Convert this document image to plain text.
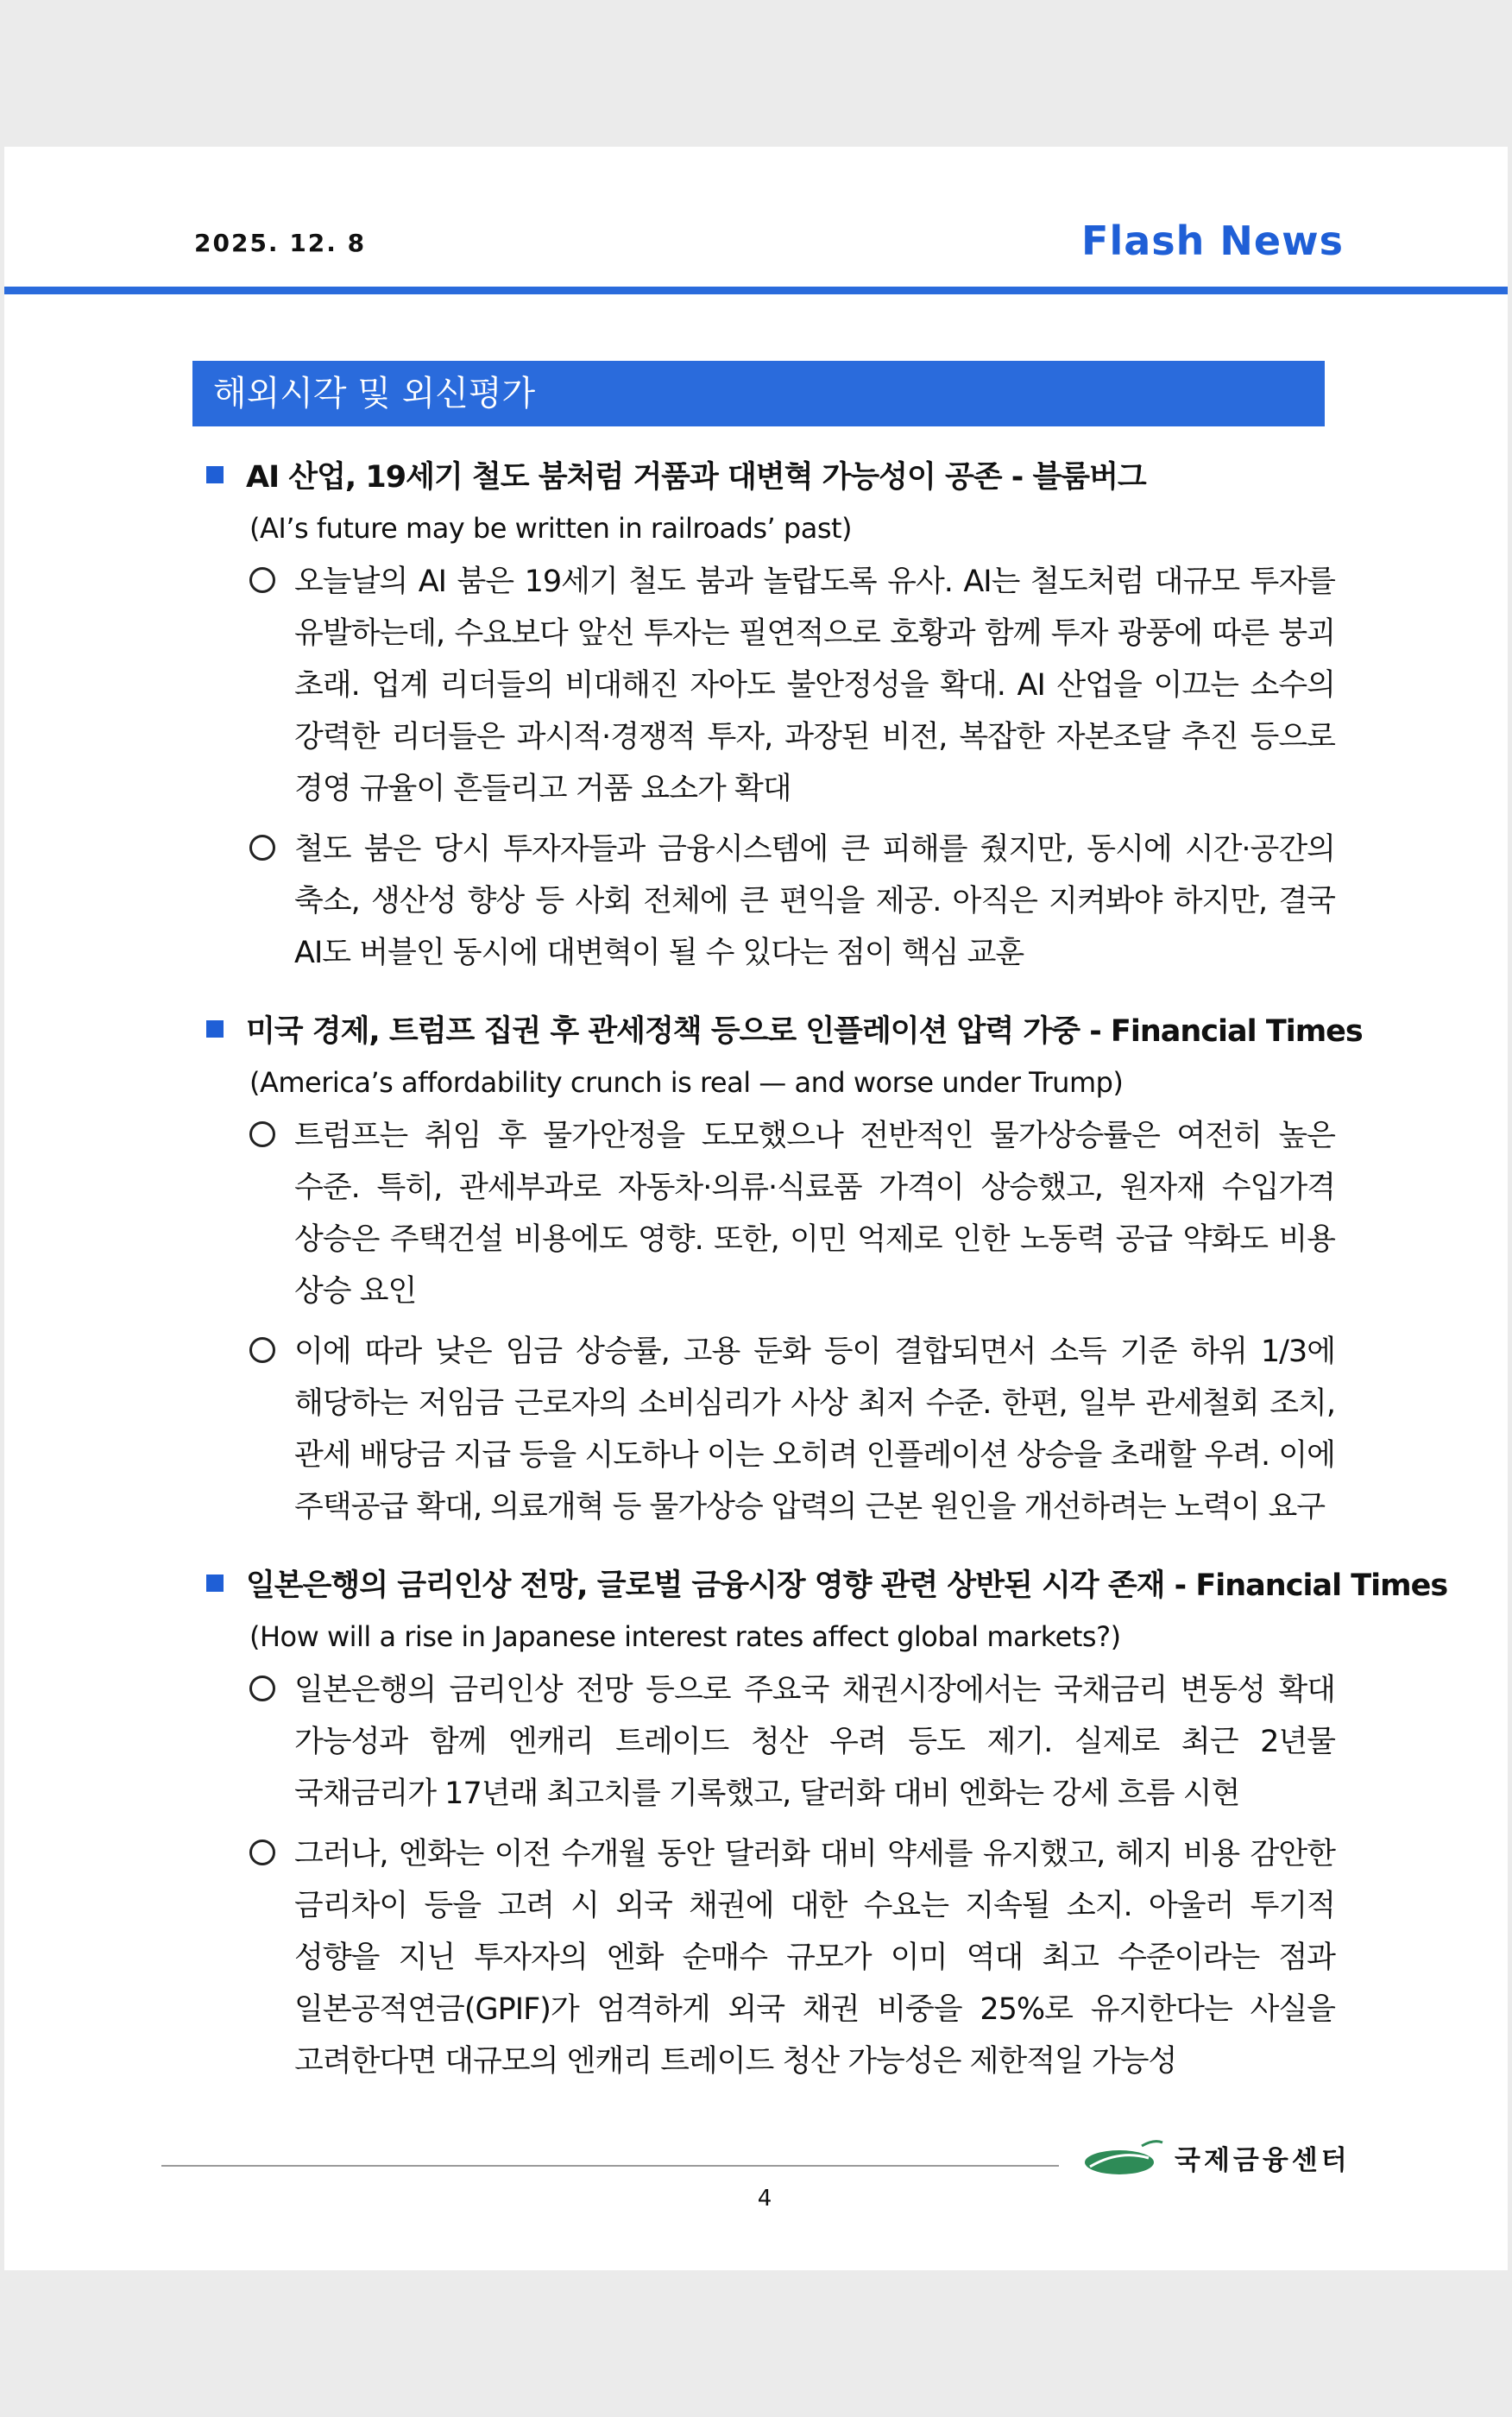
2025. 12. 8	Flash News
해외시각 및 외신평가
AI 산업, 19세기 철도 붐처럼 거품과 대변혁 가능성이 공존 - 블룸버그
(AI’s future may be written in railroads’ past)
오늘날의 AI 붐은 19세기 철도 붐과 놀랍도록 유사. AI는 철도처럼 대규모 투자를 유발하는데, 수요보다 앞선 투자는 필연적으로 호황과 함께 투자 광풍에 따른 붕괴 초래. 업계 리더들의 비대해진 자아도 불안정성을 확대. AI 산업을 이끄는 소수의 강력한 리더들은 과시적·경쟁적 투자, 과장된 비전, 복잡한 자본조달 추진 등으로 경영 규율이 흔들리고 거품 요소가 확대
철도 붐은 당시 투자자들과 금융시스템에 큰 피해를 줬지만, 동시에 시간·공간의 축소, 생산성 향상 등 사회 전체에 큰 편익을 제공. 아직은 지켜봐야 하지만, 결국 AI도 버블인 동시에 대변혁이 될 수 있다는 점이 핵심 교훈
미국 경제, 트럼프 집권 후 관세정책 등으로 인플레이션 압력 가중 - Financial Times
(America’s affordability crunch is real — and worse under Trump)
트럼프는 취임 후 물가안정을 도모했으나 전반적인 물가상승률은 여전히 높은 수준. 특히, 관세부과로 자동차·의류·식료품 가격이 상승했고, 원자재 수입가격 상승은 주택건설 비용에도 영향. 또한, 이민 억제로 인한 노동력 공급 약화도 비용 상승 요인
이에 따라 낮은 임금 상승률, 고용 둔화 등이 결합되면서 소득 기준 하위 1/3에 해당하는 저임금 근로자의 소비심리가 사상 최저 수준. 한편, 일부 관세철회 조치, 관세 배당금 지급 등을 시도하나 이는 오히려 인플레이션 상승을 초래할 우려. 이에 주택공급 확대, 의료개혁 등 물가상승 압력의 근본 원인을 개선하려는 노력이 요구
일본은행의 금리인상 전망, 글로벌 금융시장 영향 관련 상반된 시각 존재 - Financial Times
(How will a rise in Japanese interest rates affect global markets?)
일본은행의 금리인상 전망 등으로 주요국 채권시장에서는 국채금리 변동성 확대 가능성과 함께 엔캐리 트레이드 청산 우려 등도 제기. 실제로 최근 2년물 국채금리가 17년래 최고치를 기록했고, 달러화 대비 엔화는 강세 흐름 시현
그러나, 엔화는 이전 수개월 동안 달러화 대비 약세를 유지했고, 헤지 비용 감안한 금리차이 등을 고려 시 외국 채권에 대한 수요는 지속될 소지. 아울러 투기적 성향을 지닌 투자자의 엔화 순매수 규모가 이미 역대 최고 수준이라는 점과 일본공적연금(GPIF)가 엄격하게 외국 채권 비중을 25%로 유지한다는 사실을 고려한다면 대규모의 엔캐리 트레이드 청산 가능성은 제한적일 가능성
국제금융센터
4
